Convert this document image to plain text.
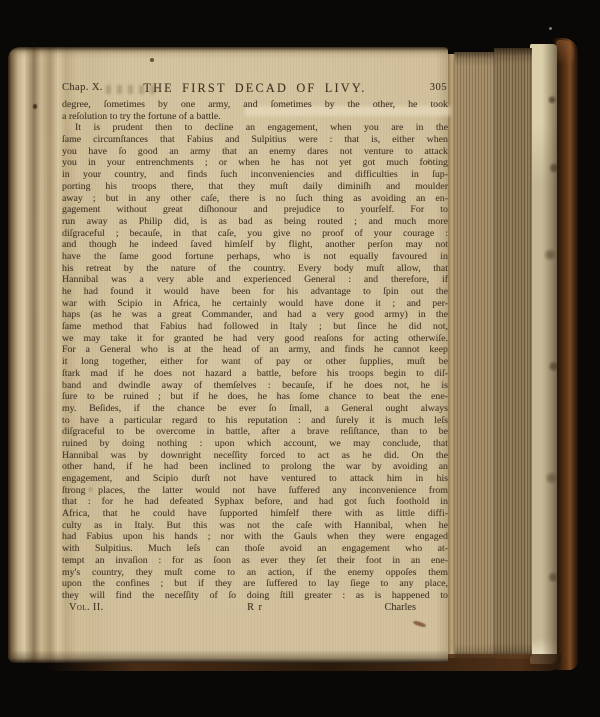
Chap. X.	THE FIRST DECAD OF LIVY.	305
degree, ſometimes by one army, and ſometimes by the other, he took
a reſolution to try the fortune of a battle.
It is prudent then to decline an engagement, when you are in the
ſame circumſtances that Fabius and Sulpitius were : that is, either when
you have ſo good an army that an enemy dares not venture to attack
you in your entrenchments ; or when he has not yet got much footing
in your country, and finds ſuch inconveniencies and difficulties in ſup-
porting his troops there, that they muſt daily diminiſh and moulder
away ; but in any other caſe, there is no ſuch thing as avoiding an en-
gagement without great diſhonour and prejudice to yourſelf. For to
run away as Philip did, is as bad as being routed ; and much more
diſgraceful ; becauſe, in that caſe, you give no proof of your courage :
and though he indeed ſaved himſelf by flight, another perſon may not
have the ſame good fortune perhaps, who is not equally favoured in
his retreat by the nature of the country. Every body muſt allow, that
Hannibal was a very able and experienced General : and therefore, if
he had found it would have been for his advantage to ſpin out the
war with Scipio in Africa, he certainly would have done it ; and per-
haps (as he was a great Commander, and had a very good army) in the
ſame method that Fabius had followed in Italy ; but ſince he did not,
we may take it for granted he had very good reaſons for acting otherwiſe.
For a General who is at the head of an army, and finds he cannot keep
it long together, either for want of pay or other ſupplies, muſt be
ſtark mad if he does not hazard a battle, before his troops begin to diſ-
band and dwindle away of themſelves : becauſe, if he does not, he is
ſure to be ruined ; but if he does, he has ſome chance to beat the ene-
my. Beſides, if the chance be ever ſo ſmall, a General ought always
to have a particular regard to his reputation : and ſurely it is much leſs
diſgraceful to be overcome in battle, after a brave reſiſtance, than to be
ruined by doing nothing : upon which account, we may conclude, that
Hannibal was by downright neceſſity forced to act as he did. On the
other hand, if he had been inclined to prolong the war by avoiding an
engagement, and Scipio durſt not have ventured to attack him in his
ſtrong places, the latter would not have ſuffered any inconvenience from
that : for he had defeated Syphax before, and had got ſuch foothold in
Africa, that he could have ſupported himſelf there with as little diffi-
culty as in Italy. But this was not the caſe with Hannibal, when he
had Fabius upon his hands ; nor with the Gauls when they were engaged
with Sulpitius. Much leſs can thoſe avoid an engagement who at-
tempt an invaſion : for as ſoon as ever they ſet their foot in an ene-
my's country, they muſt come to an action, if the enemy oppoſes them
upon the confines ; but if they are ſuffered to lay ſiege to any place,
they will find the neceſſity of ſo doing ſtill greater : as is happened to
Vol. II.	R r	Charles
